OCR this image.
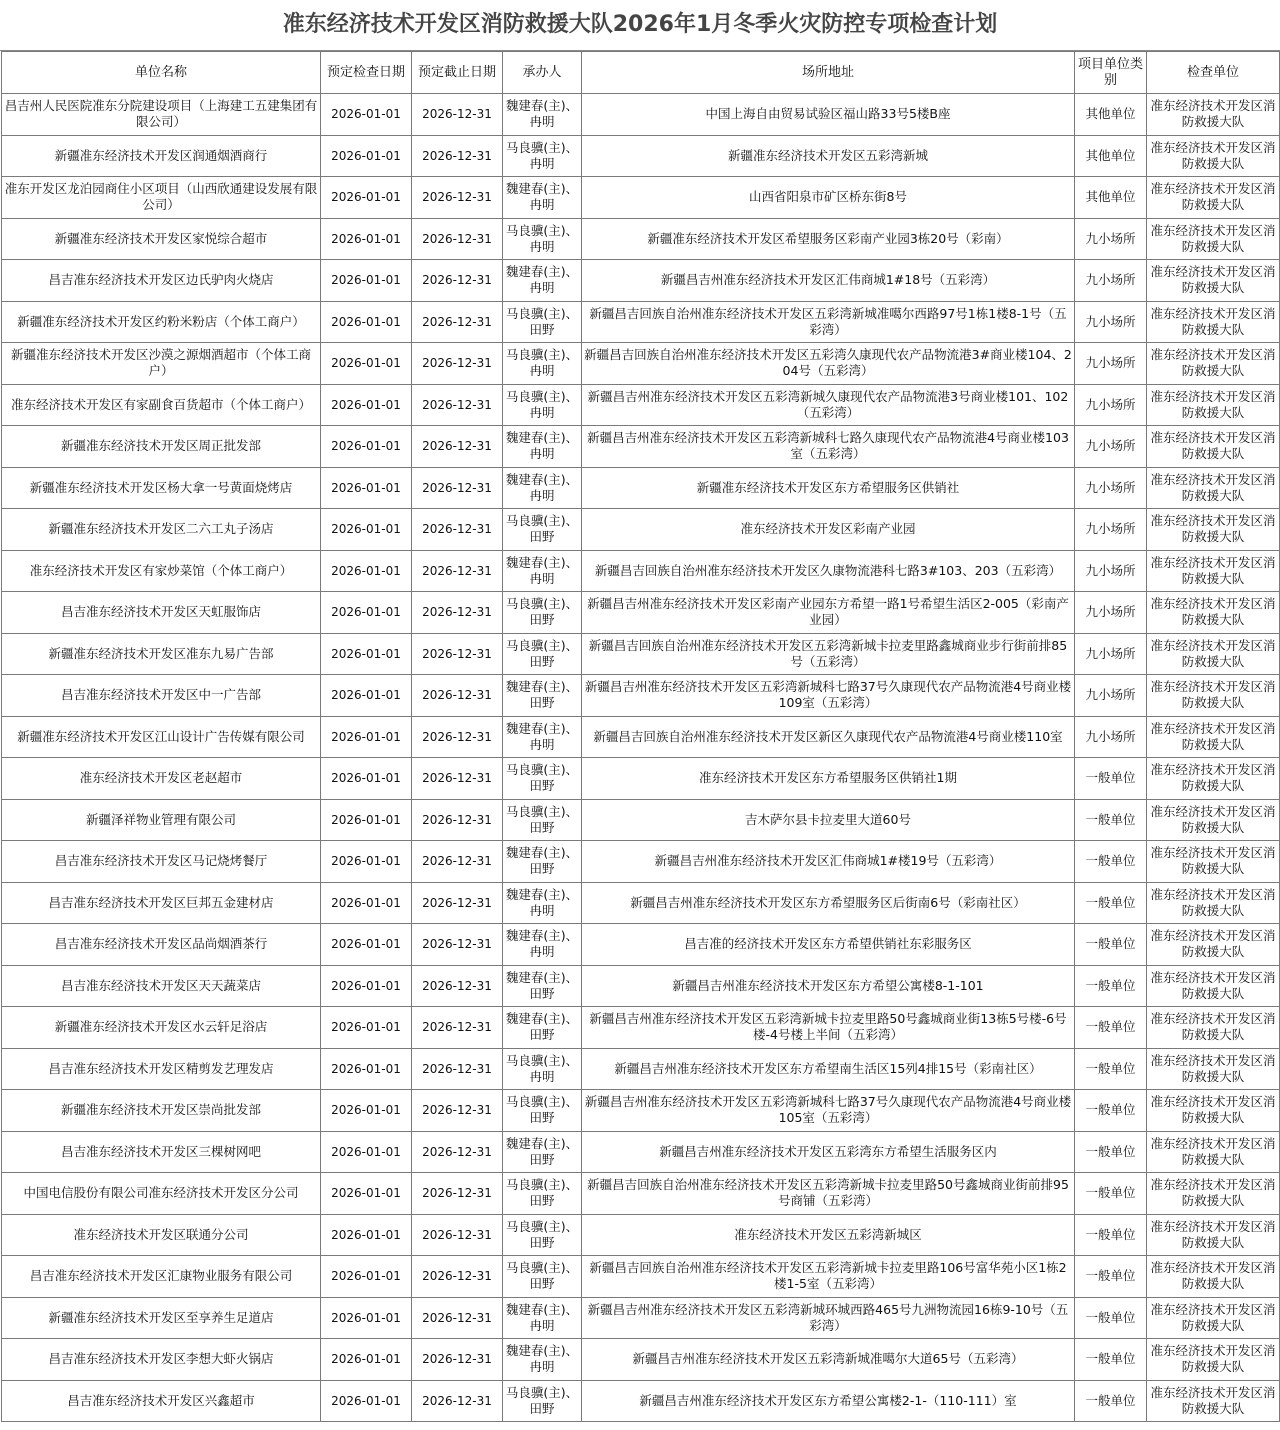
准东经济技术开发区消防救援大队2026年1月冬季火灾防控专项检查计划
单位名称	预定检查日期	预定截止日期	承办人	场所地址	项目单位类别	检查单位
昌吉州人民医院准东分院建设项目（上海建工五建集团有限公司）	2026-01-01	2026-12-31	魏建春(主)、冉明	中国上海自由贸易试验区福山路33号5楼B座	其他单位	准东经济技术开发区消防救援大队
新疆准东经济技术开发区润通烟酒商行	2026-01-01	2026-12-31	马良骥(主)、冉明	新疆准东经济技术开发区五彩湾新城	其他单位	准东经济技术开发区消防救援大队
准东开发区龙泊园商住小区项目（山西欣通建设发展有限公司）	2026-01-01	2026-12-31	魏建春(主)、冉明	山西省阳泉市矿区桥东街8号	其他单位	准东经济技术开发区消防救援大队
新疆准东经济技术开发区家悦综合超市	2026-01-01	2026-12-31	马良骥(主)、冉明	新疆准东经济技术开发区希望服务区彩南产业园3栋20号（彩南）	九小场所	准东经济技术开发区消防救援大队
昌吉准东经济技术开发区边氏驴肉火烧店	2026-01-01	2026-12-31	魏建春(主)、冉明	新疆昌吉州准东经济技术开发区汇伟商城1#18号（五彩湾）	九小场所	准东经济技术开发区消防救援大队
新疆准东经济技术开发区约粉米粉店（个体工商户）	2026-01-01	2026-12-31	马良骥(主)、田野	新疆昌吉回族自治州准东经济技术开发区五彩湾新城准噶尔西路97号1栋1楼8-1号（五彩湾）	九小场所	准东经济技术开发区消防救援大队
新疆准东经济技术开发区沙漠之源烟酒超市（个体工商户）	2026-01-01	2026-12-31	马良骥(主)、冉明	新疆昌吉回族自治州准东经济技术开发区五彩湾久康现代农产品物流港3#商业楼104、204号（五彩湾）	九小场所	准东经济技术开发区消防救援大队
准东经济技术开发区有家副食百货超市（个体工商户）	2026-01-01	2026-12-31	马良骥(主)、冉明	新疆昌吉州准东经济技术开发区五彩湾新城久康现代农产品物流港3号商业楼101、102（五彩湾）	九小场所	准东经济技术开发区消防救援大队
新疆准东经济技术开发区周正批发部	2026-01-01	2026-12-31	魏建春(主)、冉明	新疆昌吉州准东经济技术开发区五彩湾新城科七路久康现代农产品物流港4号商业楼103室（五彩湾）	九小场所	准东经济技术开发区消防救援大队
新疆准东经济技术开发区杨大拿一号黄面烧烤店	2026-01-01	2026-12-31	魏建春(主)、冉明	新疆准东经济技术开发区东方希望服务区供销社	九小场所	准东经济技术开发区消防救援大队
新疆准东经济技术开发区二六工丸子汤店	2026-01-01	2026-12-31	马良骥(主)、田野	准东经济技术开发区彩南产业园	九小场所	准东经济技术开发区消防救援大队
准东经济技术开发区有家炒菜馆（个体工商户）	2026-01-01	2026-12-31	魏建春(主)、冉明	新疆昌吉回族自治州准东经济技术开发区久康物流港科七路3#103、203（五彩湾）	九小场所	准东经济技术开发区消防救援大队
昌吉准东经济技术开发区天虹服饰店	2026-01-01	2026-12-31	马良骥(主)、田野	新疆昌吉州准东经济技术开发区彩南产业园东方希望一路1号希望生活区2-005（彩南产业园）	九小场所	准东经济技术开发区消防救援大队
新疆准东经济技术开发区准东九易广告部	2026-01-01	2026-12-31	马良骥(主)、田野	新疆昌吉回族自治州准东经济技术开发区五彩湾新城卡拉麦里路鑫城商业步行街前排85号（五彩湾）	九小场所	准东经济技术开发区消防救援大队
昌吉准东经济技术开发区中一广告部	2026-01-01	2026-12-31	魏建春(主)、田野	新疆昌吉州准东经济技术开发区五彩湾新城科七路37号久康现代农产品物流港4号商业楼109室（五彩湾）	九小场所	准东经济技术开发区消防救援大队
新疆准东经济技术开发区江山设计广告传媒有限公司	2026-01-01	2026-12-31	魏建春(主)、冉明	新疆昌吉回族自治州准东经济技术开发区新区久康现代农产品物流港4号商业楼110室	九小场所	准东经济技术开发区消防救援大队
准东经济技术开发区老赵超市	2026-01-01	2026-12-31	马良骥(主)、田野	准东经济技术开发区东方希望服务区供销社1期	一般单位	准东经济技术开发区消防救援大队
新疆泽祥物业管理有限公司	2026-01-01	2026-12-31	马良骥(主)、田野	吉木萨尔县卡拉麦里大道60号	一般单位	准东经济技术开发区消防救援大队
昌吉准东经济技术开发区马记烧烤餐厅	2026-01-01	2026-12-31	魏建春(主)、田野	新疆昌吉州准东经济技术开发区汇伟商城1#楼19号（五彩湾）	一般单位	准东经济技术开发区消防救援大队
昌吉准东经济技术开发区巨邦五金建材店	2026-01-01	2026-12-31	魏建春(主)、冉明	新疆昌吉州准东经济技术开发区东方希望服务区后街南6号（彩南社区）	一般单位	准东经济技术开发区消防救援大队
昌吉准东经济技术开发区品尚烟酒茶行	2026-01-01	2026-12-31	魏建春(主)、冉明	昌吉准的经济技术开发区东方希望供销社东彩服务区	一般单位	准东经济技术开发区消防救援大队
昌吉准东经济技术开发区天天蔬菜店	2026-01-01	2026-12-31	魏建春(主)、田野	新疆昌吉州准东经济技术开发区东方希望公寓楼8-1-101	一般单位	准东经济技术开发区消防救援大队
新疆准东经济技术开发区水云轩足浴店	2026-01-01	2026-12-31	魏建春(主)、田野	新疆昌吉州准东经济技术开发区五彩湾新城卡拉麦里路50号鑫城商业街13栋5号楼-6号楼-4号楼上半间（五彩湾）	一般单位	准东经济技术开发区消防救援大队
昌吉准东经济技术开发区精剪发艺理发店	2026-01-01	2026-12-31	马良骥(主)、冉明	新疆昌吉州准东经济技术开发区东方希望南生活区15列4排15号（彩南社区）	一般单位	准东经济技术开发区消防救援大队
新疆准东经济技术开发区崇尚批发部	2026-01-01	2026-12-31	马良骥(主)、田野	新疆昌吉州准东经济技术开发区五彩湾新城科七路37号久康现代农产品物流港4号商业楼105室（五彩湾）	一般单位	准东经济技术开发区消防救援大队
昌吉准东经济技术开发区三棵树网吧	2026-01-01	2026-12-31	魏建春(主)、田野	新疆昌吉州准东经济技术开发区五彩湾东方希望生活服务区内	一般单位	准东经济技术开发区消防救援大队
中国电信股份有限公司准东经济技术开发区分公司	2026-01-01	2026-12-31	马良骥(主)、田野	新疆昌吉回族自治州准东经济技术开发区五彩湾新城卡拉麦里路50号鑫城商业街前排95号商铺（五彩湾）	一般单位	准东经济技术开发区消防救援大队
准东经济技术开发区联通分公司	2026-01-01	2026-12-31	马良骥(主)、田野	准东经济技术开发区五彩湾新城区	一般单位	准东经济技术开发区消防救援大队
昌吉准东经济技术开发区汇康物业服务有限公司	2026-01-01	2026-12-31	马良骥(主)、田野	新疆昌吉回族自治州准东经济技术开发区五彩湾新城卡拉麦里路106号富华苑小区1栋2楼1-5室（五彩湾）	一般单位	准东经济技术开发区消防救援大队
新疆准东经济技术开发区至享养生足道店	2026-01-01	2026-12-31	魏建春(主)、冉明	新疆昌吉州准东经济技术开发区五彩湾新城环城西路465号九洲物流园16栋9-10号（五彩湾）	一般单位	准东经济技术开发区消防救援大队
昌吉准东经济技术开发区李想大虾火锅店	2026-01-01	2026-12-31	魏建春(主)、冉明	新疆昌吉州准东经济技术开发区五彩湾新城准噶尔大道65号（五彩湾）	一般单位	准东经济技术开发区消防救援大队
昌吉准东经济技术开发区兴鑫超市	2026-01-01	2026-12-31	马良骥(主)、田野	新疆昌吉州准东经济技术开发区东方希望公寓楼2-1-（110-111）室	一般单位	准东经济技术开发区消防救援大队
